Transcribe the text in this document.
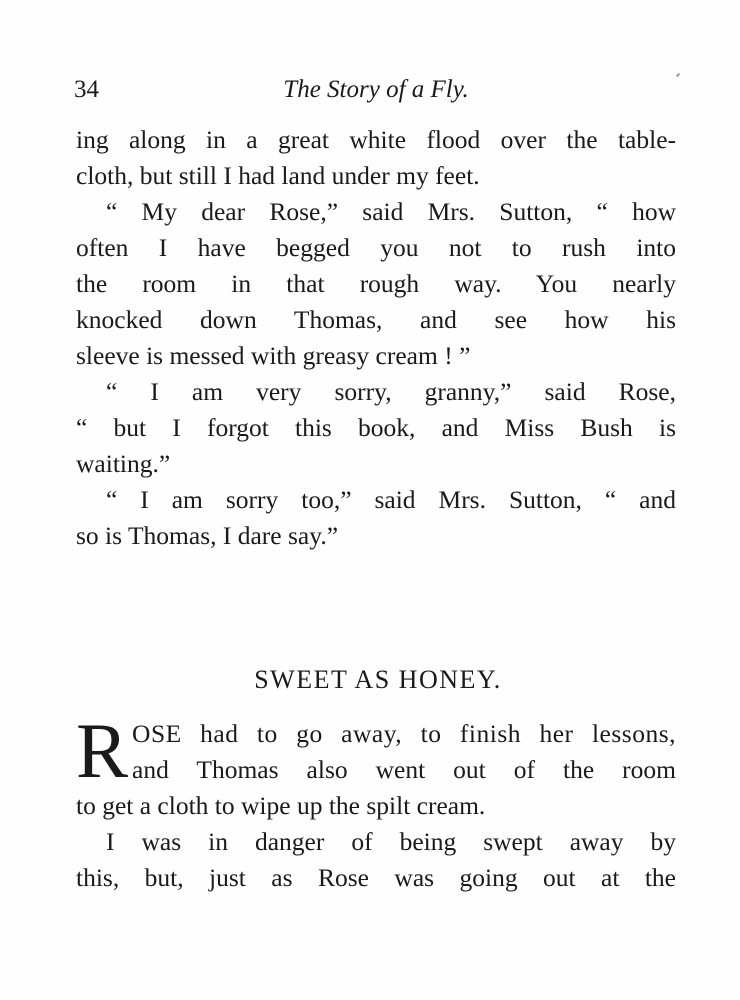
34	The Story of a Fly.
ing along in a great white flood over the table-
cloth, but still I had land under my feet.
“ My dear Rose,” said Mrs. Sutton, “ how
often I have begged you not to rush into
the room in that rough way. You nearly
knocked down Thomas, and see how his
sleeve is messed with greasy cream ! ”
“ I am very sorry, granny,” said Rose,
“ but I forgot this book, and Miss Bush is
waiting.”
“ I am sorry too,” said Mrs. Sutton, “ and
so is Thomas, I dare say.”
SWEET AS HONEY.
R OSE had to go away, to finish her lessons,
and Thomas also went out of the room
to get a cloth to wipe up the spilt cream.
I was in danger of being swept away by
this, but, just as Rose was going out at the
